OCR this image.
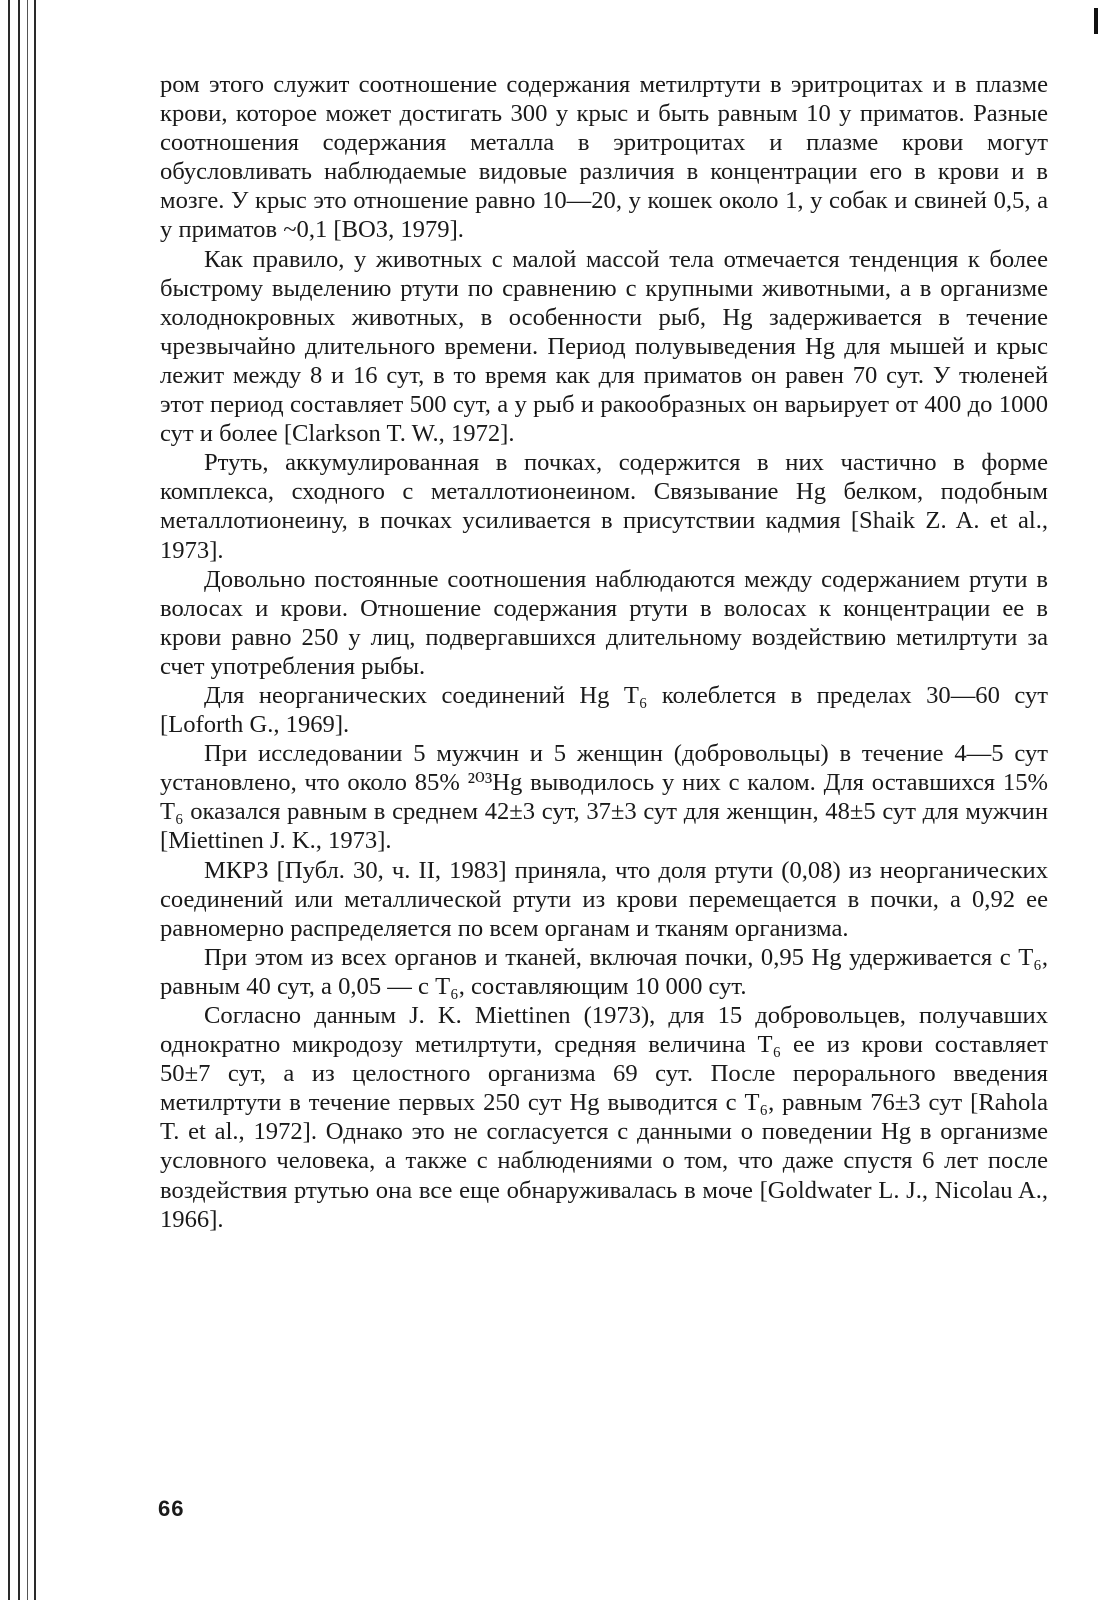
ром этого служит соотношение содержания метилртути в эритроцитах и в плазме крови, которое может достигать 300 у крыс и быть равным 10 у приматов. Разные соотношения содержания металла в эритроцитах и плазме крови могут обусловливать наблюдаемые видовые различия в концентрации его в крови и в мозге. У крыс это отношение равно 10—20, у кошек около 1, у собак и свиней 0,5, а у приматов ~0,1 [ВОЗ, 1979].

Как правило, у животных с малой массой тела отмечается тенденция к более быстрому выделению ртути по сравнению с крупными животными, а в организме холоднокровных животных, в особенности рыб, Hg задерживается в течение чрезвычайно длительного времени. Период полувыведения Hg для мышей и крыс лежит между 8 и 16 сут, в то время как для приматов он равен 70 сут. У тюленей этот период составляет 500 сут, а у рыб и ракообразных он варьирует от 400 до 1000 сут и более [Clarkson T. W., 1972].

Ртуть, аккумулированная в почках, содержится в них частично в форме комплекса, сходного с металлотионеином. Связывание Hg белком, подобным металлотионеину, в почках усиливается в присутствии кадмия [Shaik Z. A. et al., 1973].

Довольно постоянные соотношения наблюдаются между содержанием ртути в волосах и крови. Отношение содержания ртути в волосах к концентрации ее в крови равно 250 у лиц, подвергавшихся длительному воздействию метилртути за счет употребления рыбы.

Для неорганических соединений Hg Т₆ колеблется в пределах 30—60 сут [Loforth G., 1969].

При исследовании 5 мужчин и 5 женщин (добровольцы) в течение 4—5 сут установлено, что около 85% ²⁰³Hg выводилось у них с калом. Для оставшихся 15% Т₆ оказался равным в среднем 42±3 сут, 37±3 сут для женщин, 48±5 сут для мужчин [Miettinen J. K., 1973].

МКРЗ [Публ. 30, ч. II, 1983] приняла, что доля ртути (0,08) из неорганических соединений или металлической ртути из крови перемещается в почки, а 0,92 ее равномерно распределяется по всем органам и тканям организма.

При этом из всех органов и тканей, включая почки, 0,95 Hg удерживается с Т₆, равным 40 сут, а 0,05 — с Т₆, составляющим 10 000 сут.

Согласно данным J. K. Miettinen (1973), для 15 добровольцев, получавших однократно микродозу метилртути, средняя величина Т₆ ее из крови составляет 50±7 сут, а из целостного организма 69 сут. После перорального введения метилртути в течение первых 250 сут Hg выводится с Т₆, равным 76±3 сут [Rahola T. et al., 1972]. Однако это не согласуется с данными о поведении Hg в организме условного человека, а также с наблюдениями о том, что даже спустя 6 лет после воздействия ртутью она все еще обнаруживалась в моче [Goldwater L. J., Nicolau A., 1966].

66
